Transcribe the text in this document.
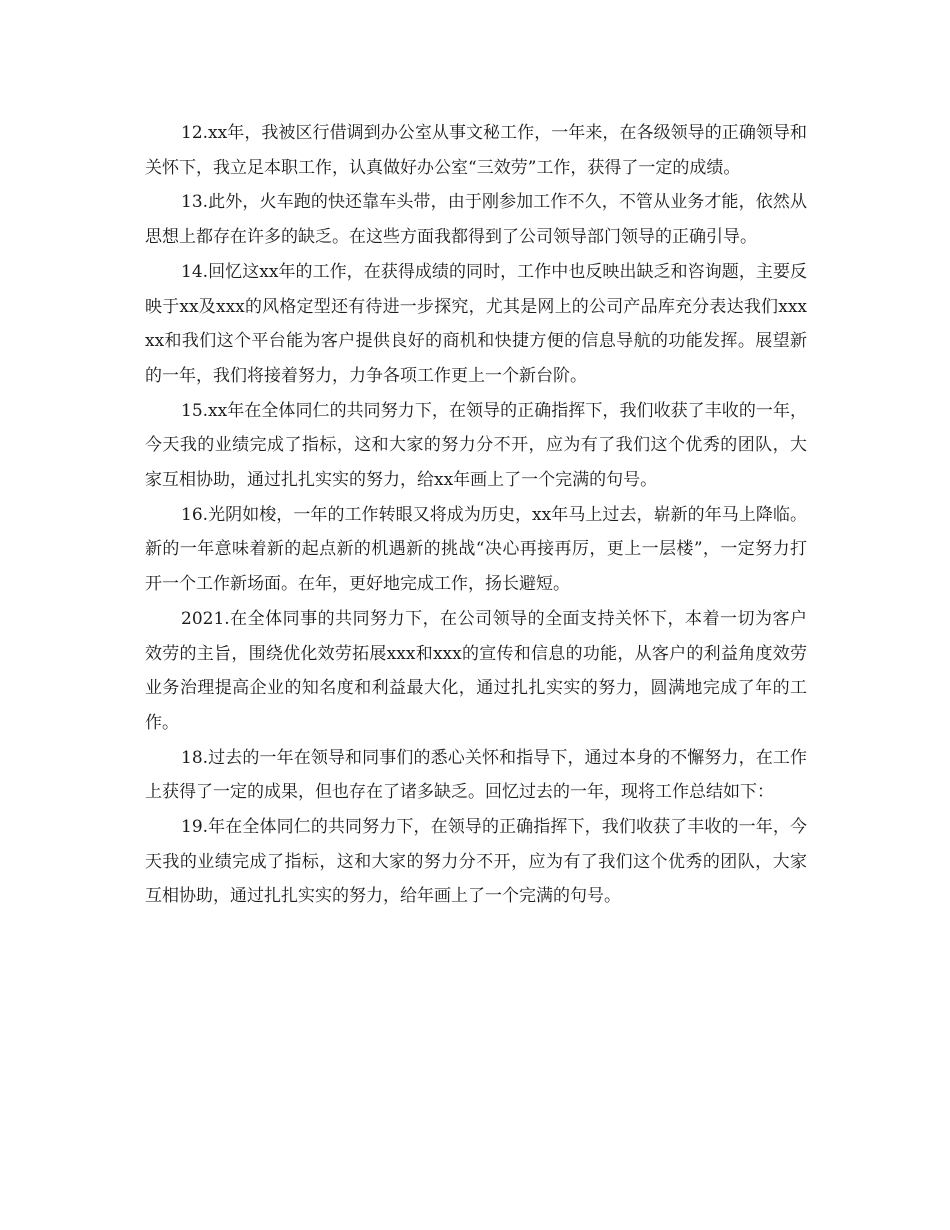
12.xx年，我被区行借调到办公室从事文秘工作，一年来，在各级领导的正确领导和关怀下，我立足本职工作，认真做好办公室“三效劳”工作，获得了一定的成绩。

13.此外，火车跑的快还靠车头带，由于刚参加工作不久，不管从业务才能，依然从思想上都存在许多的缺乏。在这些方面我都得到了公司领导部门领导的正确引导。

14.回忆这xx年的工作，在获得成绩的同时，工作中也反映出缺乏和咨询题，主要反映于xx及xxx的风格定型还有待进一步探究，尤其是网上的公司产品库充分表达我们xxxxx和我们这个平台能为客户提供良好的商机和快捷方便的信息导航的功能发挥。展望新的一年，我们将接着努力，力争各项工作更上一个新台阶。

15.xx年在全体同仁的共同努力下，在领导的正确指挥下，我们收获了丰收的一年，今天我的业绩完成了指标，这和大家的努力分不开，应为有了我们这个优秀的团队，大家互相协助，通过扎扎实实的努力，给xx年画上了一个完满的句号。

16.光阴如梭，一年的工作转眼又将成为历史，xx年马上过去，崭新的年马上降临。新的一年意味着新的起点新的机遇新的挑战“决心再接再厉，更上一层楼”，一定努力打开一个工作新场面。在年，更好地完成工作，扬长避短。

2021.在全体同事的共同努力下，在公司领导的全面支持关怀下，本着一切为客户效劳的主旨，围绕优化效劳拓展xxx和xxx的宣传和信息的功能，从客户的利益角度效劳业务治理提高企业的知名度和利益最大化，通过扎扎实实的努力，圆满地完成了年的工作。

18.过去的一年在领导和同事们的悉心关怀和指导下，通过本身的不懈努力，在工作上获得了一定的成果，但也存在了诸多缺乏。回忆过去的一年，现将工作总结如下：

19.年在全体同仁的共同努力下，在领导的正确指挥下，我们收获了丰收的一年，今天我的业绩完成了指标，这和大家的努力分不开，应为有了我们这个优秀的团队，大家互相协助，通过扎扎实实的努力，给年画上了一个完满的句号。
